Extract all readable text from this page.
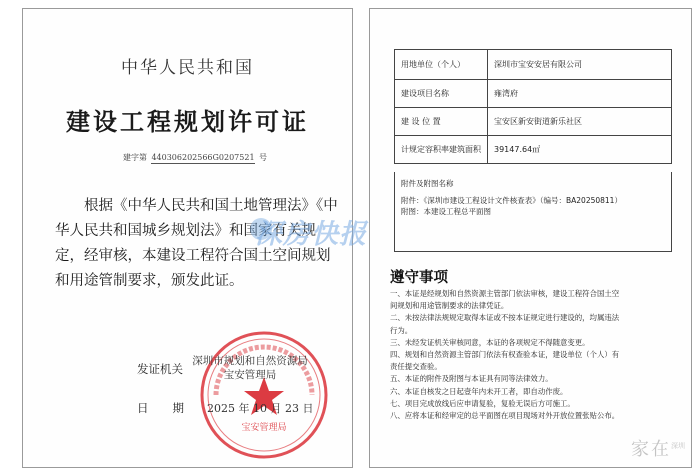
中华人民共和国
建设工程规划许可证
建字第 440306202566G0207521 号
根据《中华人民共和国土地管理法》《中华人民共和国城乡规划法》和国家有关规定，经审核，本建设工程符合国土空间规划和用途管制要求，颁发此证。
宝安管理局
发证机关
深圳市规划和自然资源局宝安管理局
日期 2025 年 10 月 23 日
深房快报
用地单位（个人）	深圳市宝安安居有限公司
建设项目名称	雍湾府
建 设 位 置	宝安区新安街道新乐社区
计规定容积率建筑面积	39147.64㎡
附件及附图名称
附件：《深圳市建设工程设计文件核查表》（编号：BA20250811）
附图：本建设工程总平面图
遵守事项
一、本证是经规划和自然资源主管部门依法审核，建设工程符合国土空
间规划和用途管制要求的法律凭证。
二、未按法律法规规定取得本证或不按本证规定进行建设的，均属违法
行为。
三、未经发证机关审核同意，本证的各项规定不得随意变更。
四、规划和自然资源主管部门依法有权查验本证，建设单位（个人）有
责任提交查验。
五、本证的附件及附图与本证具有同等法律效力。
六、本证自核发之日起壹年内未开工者，即自动作废。
七、项目完成放线后应申请复验，复验无误后方可施工。
八、应将本证和经审定的总平面图在项目现场对外开放位置张贴公布。
家在$^{深圳}$
